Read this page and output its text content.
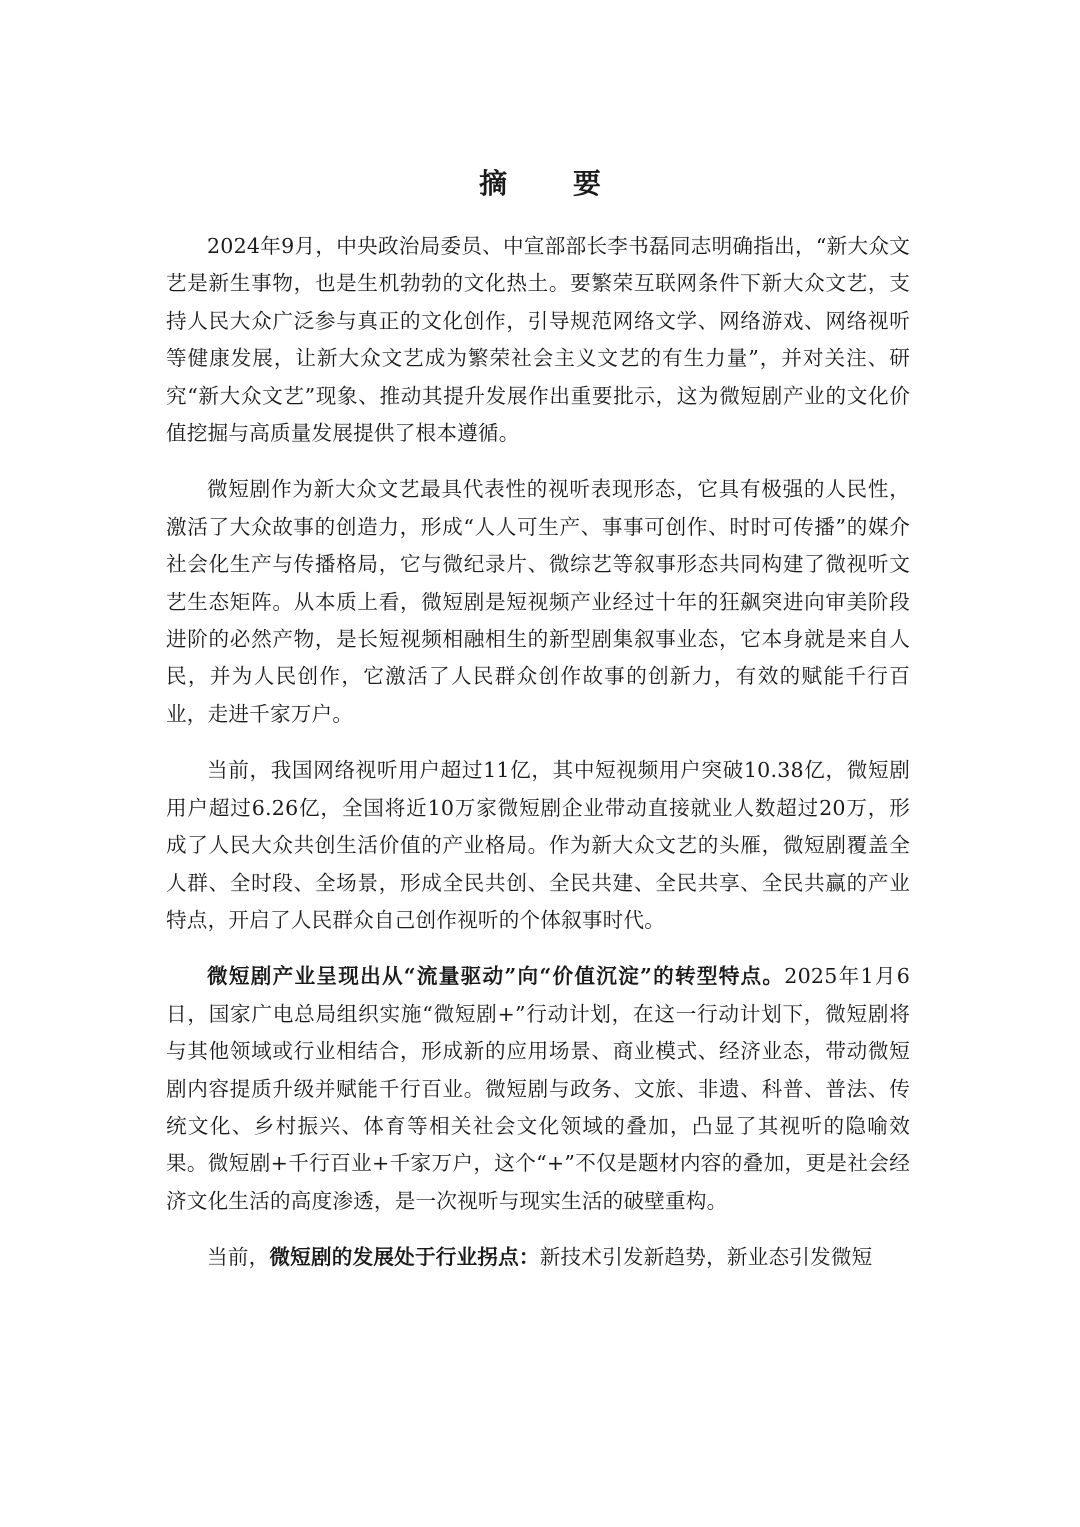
摘 要

2024年9月，中央政治局委员、中宣部部长李书磊同志明确指出，“新大众文艺是新生事物，也是生机勃勃的文化热土。要繁荣互联网条件下新大众文艺，支持人民大众广泛参与真正的文化创作，引导规范网络文学、网络游戏、网络视听等健康发展，让新大众文艺成为繁荣社会主义文艺的有生力量”，并对关注、研究“新大众文艺”现象、推动其提升发展作出重要批示，这为微短剧产业的文化价值挖掘与高质量发展提供了根本遵循。

微短剧作为新大众文艺最具代表性的视听表现形态，它具有极强的人民性，激活了大众故事的创造力，形成“人人可生产、事事可创作、时时可传播”的媒介社会化生产与传播格局，它与微纪录片、微综艺等叙事形态共同构建了微视听文艺生态矩阵。从本质上看，微短剧是短视频产业经过十年的狂飙突进向审美阶段进阶的必然产物，是长短视频相融相生的新型剧集叙事业态，它本身就是来自人民，并为人民创作，它激活了人民群众创作故事的创新力，有效的赋能千行百业，走进千家万户。

当前，我国网络视听用户超过11亿，其中短视频用户突破10.38亿，微短剧用户超过6.26亿，全国将近10万家微短剧企业带动直接就业人数超过20万，形成了人民大众共创生活价值的产业格局。作为新大众文艺的头雁，微短剧覆盖全人群、全时段、全场景，形成全民共创、全民共建、全民共享、全民共赢的产业特点，开启了人民群众自己创作视听的个体叙事时代。

微短剧产业呈现出从“流量驱动”向“价值沉淀”的转型特点。2025年1月6日，国家广电总局组织实施“微短剧+”行动计划，在这一行动计划下，微短剧将与其他领域或行业相结合，形成新的应用场景、商业模式、经济业态，带动微短剧内容提质升级并赋能千行百业。微短剧与政务、文旅、非遗、科普、普法、传统文化、乡村振兴、体育等相关社会文化领域的叠加，凸显了其视听的隐喻效果。微短剧+千行百业+千家万户，这个“+”不仅是题材内容的叠加，更是社会经济文化生活的高度渗透，是一次视听与现实生活的破壁重构。

当前，微短剧的发展处于行业拐点：新技术引发新趋势，新业态引发微短
